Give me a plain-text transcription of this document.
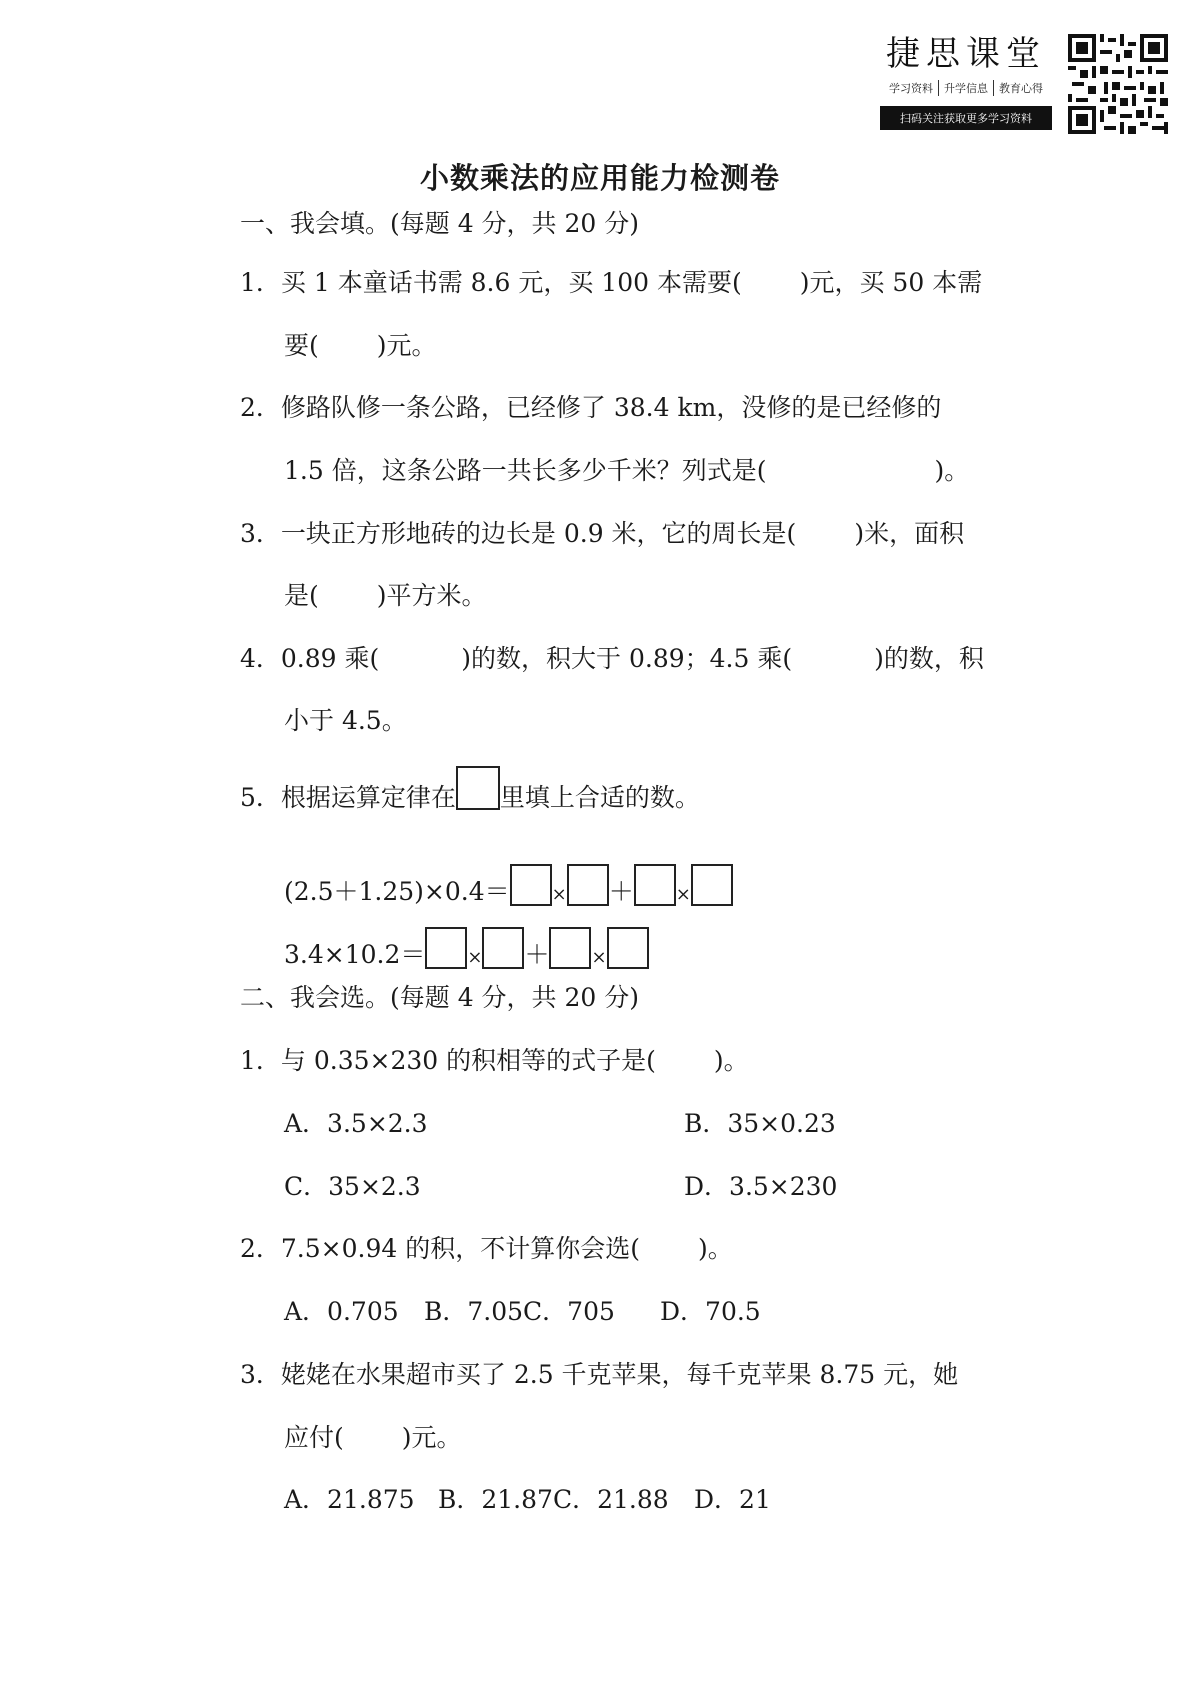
捷思课堂
学习资料	升学信息	教育心得
扫码关注获取更多学习资料
小数乘法的应用能力检测卷
一、我会填。(每题 4 分，共 20 分)
1．买 1 本童话书需 8.6 元，买 100 本需要( )元，买 50 本需
要( )元。
2．修路队修一条公路，已经修了 38.4 km，没修的是已经修的
1.5 倍，这条公路一共长多少千米？列式是(	)。
3．一块正方形地砖的边长是 0.9 米，它的周长是( )米，面积
是( )平方米。
4．0.89 乘(	)的数，积大于 0.89；4.5 乘(	)的数，积
小于 4.5。
5．根据运算定律在 里填上合适的数。
(2.5＋1.25)×0.4＝ × ＋ ×
3.4×10.2＝ × ＋ ×
二、我会选。(每题 4 分，共 20 分)
1．与 0.35×230 的积相等的式子是( )。
A．3.5×2.3	B．35×0.23
C．35×2.3	D．3.5×230
2．7.5×0.94 的积，不计算你会选( )。
A．0.705 B．7.05C．705 D．70.5
3．姥姥在水果超市买了 2.5 千克苹果，每千克苹果 8.75 元，她
应付( )元。
A．21.875 B．21.87C．21.88 D．21
